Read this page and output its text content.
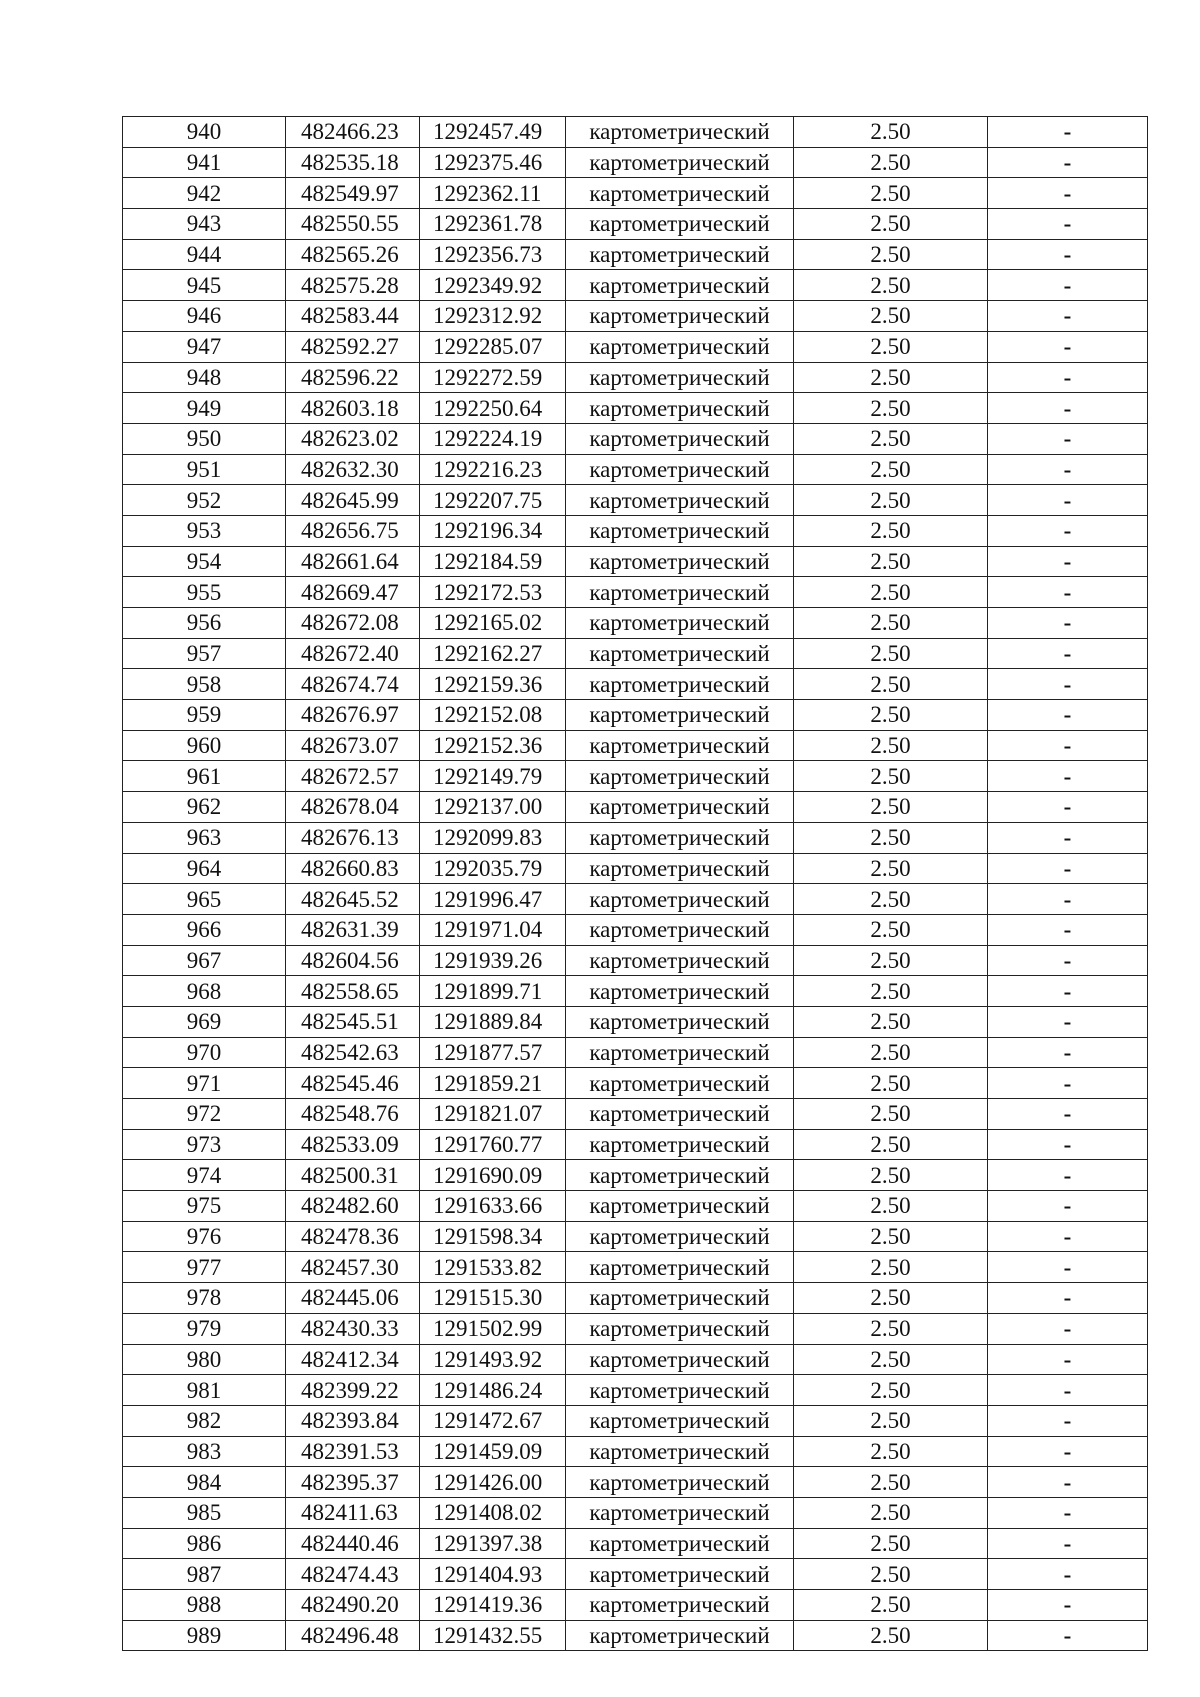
940	482466.23	1292457.49	картометрический	2.50	-
941	482535.18	1292375.46	картометрический	2.50	-
942	482549.97	1292362.11	картометрический	2.50	-
943	482550.55	1292361.78	картометрический	2.50	-
944	482565.26	1292356.73	картометрический	2.50	-
945	482575.28	1292349.92	картометрический	2.50	-
946	482583.44	1292312.92	картометрический	2.50	-
947	482592.27	1292285.07	картометрический	2.50	-
948	482596.22	1292272.59	картометрический	2.50	-
949	482603.18	1292250.64	картометрический	2.50	-
950	482623.02	1292224.19	картометрический	2.50	-
951	482632.30	1292216.23	картометрический	2.50	-
952	482645.99	1292207.75	картометрический	2.50	-
953	482656.75	1292196.34	картометрический	2.50	-
954	482661.64	1292184.59	картометрический	2.50	-
955	482669.47	1292172.53	картометрический	2.50	-
956	482672.08	1292165.02	картометрический	2.50	-
957	482672.40	1292162.27	картометрический	2.50	-
958	482674.74	1292159.36	картометрический	2.50	-
959	482676.97	1292152.08	картометрический	2.50	-
960	482673.07	1292152.36	картометрический	2.50	-
961	482672.57	1292149.79	картометрический	2.50	-
962	482678.04	1292137.00	картометрический	2.50	-
963	482676.13	1292099.83	картометрический	2.50	-
964	482660.83	1292035.79	картометрический	2.50	-
965	482645.52	1291996.47	картометрический	2.50	-
966	482631.39	1291971.04	картометрический	2.50	-
967	482604.56	1291939.26	картометрический	2.50	-
968	482558.65	1291899.71	картометрический	2.50	-
969	482545.51	1291889.84	картометрический	2.50	-
970	482542.63	1291877.57	картометрический	2.50	-
971	482545.46	1291859.21	картометрический	2.50	-
972	482548.76	1291821.07	картометрический	2.50	-
973	482533.09	1291760.77	картометрический	2.50	-
974	482500.31	1291690.09	картометрический	2.50	-
975	482482.60	1291633.66	картометрический	2.50	-
976	482478.36	1291598.34	картометрический	2.50	-
977	482457.30	1291533.82	картометрический	2.50	-
978	482445.06	1291515.30	картометрический	2.50	-
979	482430.33	1291502.99	картометрический	2.50	-
980	482412.34	1291493.92	картометрический	2.50	-
981	482399.22	1291486.24	картометрический	2.50	-
982	482393.84	1291472.67	картометрический	2.50	-
983	482391.53	1291459.09	картометрический	2.50	-
984	482395.37	1291426.00	картометрический	2.50	-
985	482411.63	1291408.02	картометрический	2.50	-
986	482440.46	1291397.38	картометрический	2.50	-
987	482474.43	1291404.93	картометрический	2.50	-
988	482490.20	1291419.36	картометрический	2.50	-
989	482496.48	1291432.55	картометрический	2.50	-
